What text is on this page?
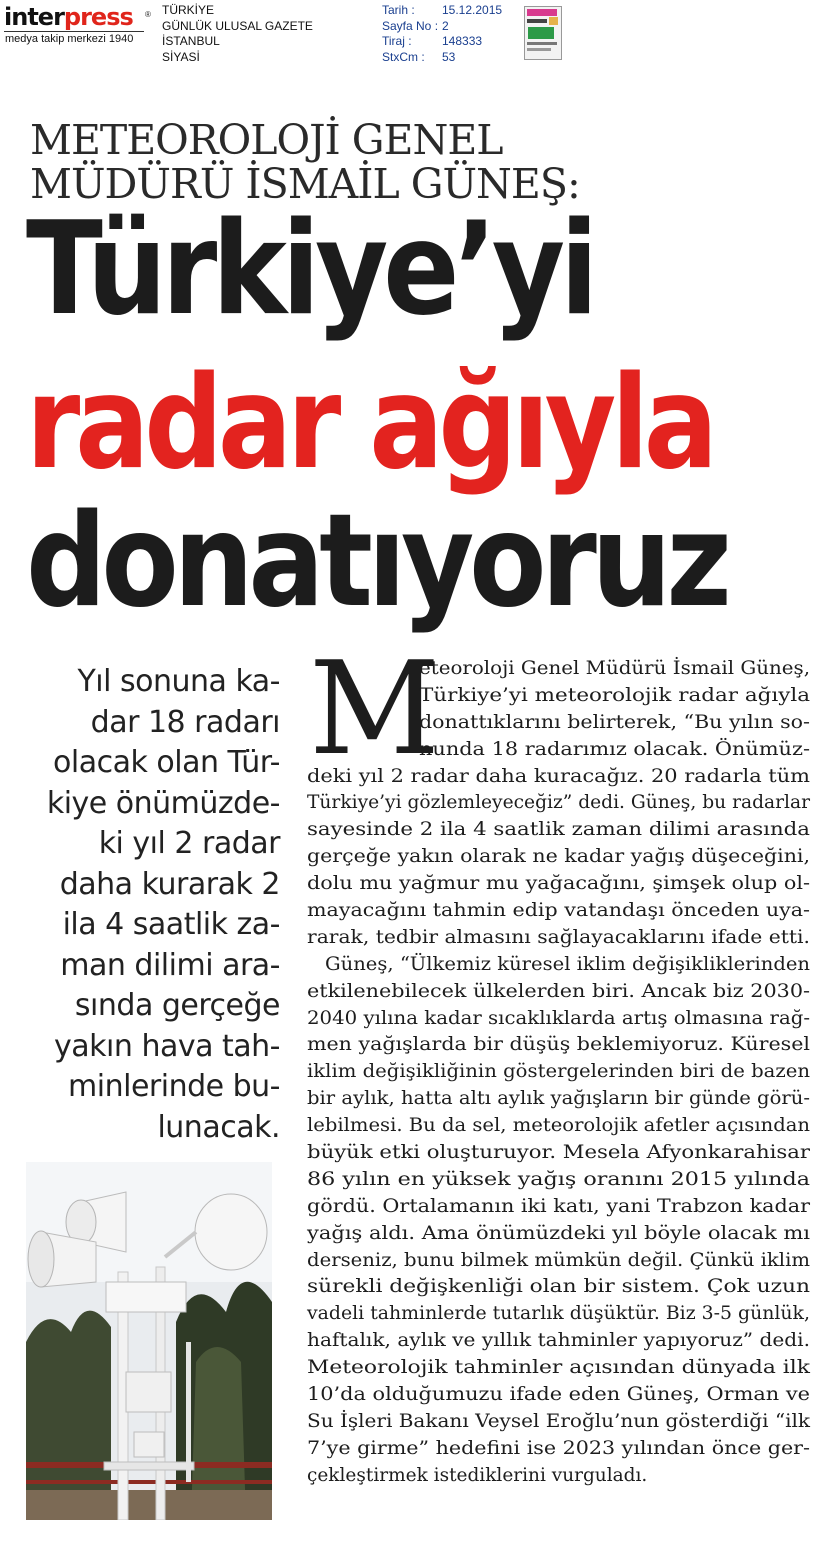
interpress ®
medya takip merkezi 1940
TÜRKİYE
GÜNLÜK ULUSAL GAZETE
İSTANBUL
SİYASİ
Tarih :
Sayfa No :
Tiraj :
StxCm :
15.12.2015
2
148333
53
METEOROLOJİ GENEL
MÜDÜRÜ İSMAİL GÜNEŞ:
Türkiye’yi
radar ağıyla
donatıyoruz
Yıl sonuna ka-
dar 18 radarı
olacak olan Tür-
kiye önümüzde-
ki yıl 2 radar
daha kurarak 2
ila 4 saatlik za-
man dilimi ara-
sında gerçeğe
yakın hava tah-
minlerinde bu-
lunacak.
M
eteoroloji Genel Müdürü İsmail Güneş,
Türkiye’yi meteorolojik radar ağıyla
donattıklarını belirterek, “Bu yılın so-
nunda 18 radarımız olacak. Önümüz-
deki yıl 2 radar daha kuracağız. 20 radarla tüm
Türkiye’yi gözlemleyeceğiz” dedi. Güneş, bu radarlar
sayesinde 2 ila 4 saatlik zaman dilimi arasında
gerçeğe yakın olarak ne kadar yağış düşeceğini,
dolu mu yağmur mu yağacağını, şimşek olup ol-
mayacağını tahmin edip vatandaşı önceden uya-
rarak, tedbir almasını sağlayacaklarını ifade etti.
Güneş, “Ülkemiz küresel iklim değişikliklerinden
etkilenebilecek ülkelerden biri. Ancak biz 2030-
2040 yılına kadar sıcaklıklarda artış olmasına rağ-
men yağışlarda bir düşüş beklemiyoruz. Küresel
iklim değişikliğinin göstergelerinden biri de bazen
bir aylık, hatta altı aylık yağışların bir günde görü-
lebilmesi. Bu da sel, meteorolojik afetler açısından
büyük etki oluşturuyor. Mesela Afyonkarahisar
86 yılın en yüksek yağış oranını 2015 yılında
gördü. Ortalamanın iki katı, yani Trabzon kadar
yağış aldı. Ama önümüzdeki yıl böyle olacak mı
derseniz, bunu bilmek mümkün değil. Çünkü iklim
sürekli değişkenliği olan bir sistem. Çok uzun
vadeli tahminlerde tutarlık düşüktür. Biz 3-5 günlük,
haftalık, aylık ve yıllık tahminler yapıyoruz” dedi.
Meteorolojik tahminler açısından dünyada ilk
10’da olduğumuzu ifade eden Güneş, Orman ve
Su İşleri Bakanı Veysel Eroğlu’nun gösterdiği “ilk
7’ye girme” hedefini ise 2023 yılından önce ger-
çekleştirmek istediklerini vurguladı.
